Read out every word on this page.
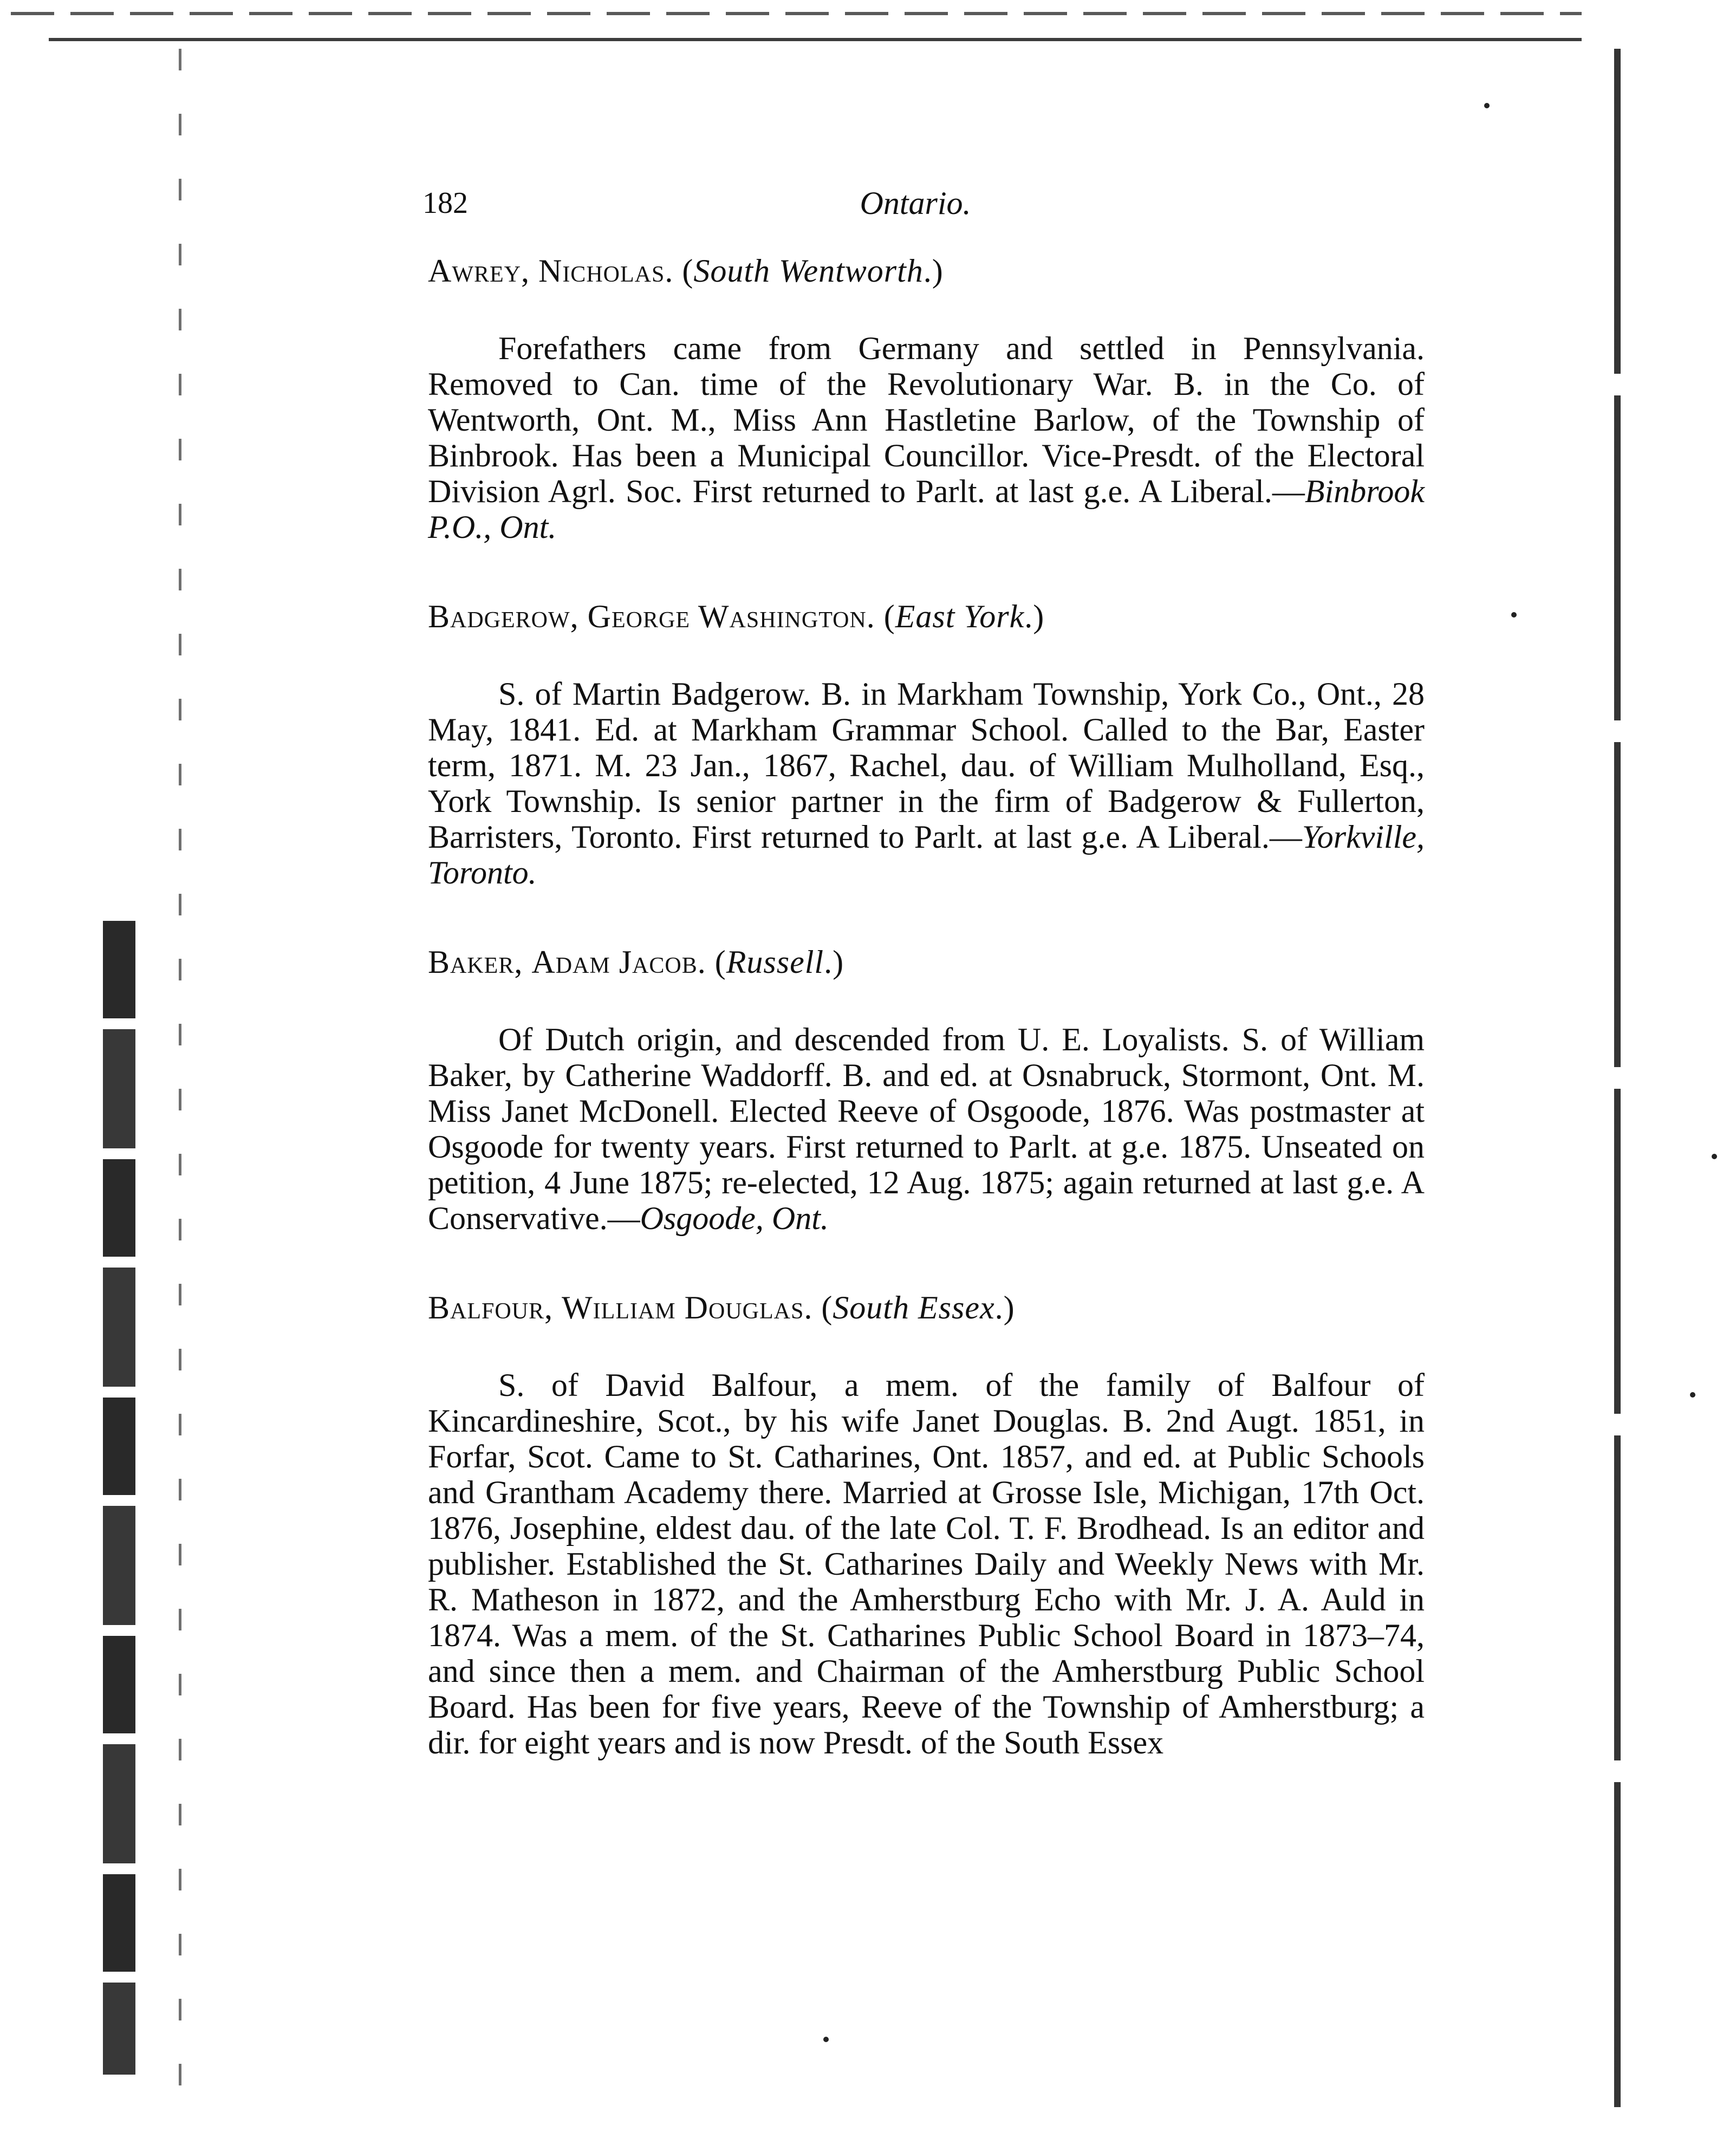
182	Ontario.
Awrey, Nicholas. (South Wentworth.)

Forefathers came from Germany and settled in Pennsylvania. Removed to Can. time of the Revolutionary War. B. in the Co. of Wentworth, Ont. M., Miss Ann Hastletine Barlow, of the Township of Binbrook. Has been a Municipal Councillor. Vice-Presdt. of the Electoral Division Agrl. Soc. First returned to Parlt. at last g.e. A Liberal.—Binbrook P.O., Ont.

Badgerow, George Washington. (East York.)

S. of Martin Badgerow. B. in Markham Township, York Co., Ont., 28 May, 1841. Ed. at Markham Grammar School. Called to the Bar, Easter term, 1871. M. 23 Jan., 1867, Rachel, dau. of William Mulholland, Esq., York Township. Is senior partner in the firm of Badgerow & Fullerton, Barristers, Toronto. First returned to Parlt. at last g.e. A Liberal.—Yorkville, Toronto.

Baker, Adam Jacob. (Russell.)

Of Dutch origin, and descended from U. E. Loyalists. S. of William Baker, by Catherine Waddorff. B. and ed. at Osnabruck, Stormont, Ont. M. Miss Janet McDonell. Elected Reeve of Osgoode, 1876. Was postmaster at Osgoode for twenty years. First returned to Parlt. at g.e. 1875. Unseated on petition, 4 June 1875; re-elected, 12 Aug. 1875; again returned at last g.e. A Conservative.—Osgoode, Ont.

Balfour, William Douglas. (South Essex.)

S. of David Balfour, a mem. of the family of Balfour of Kincardineshire, Scot., by his wife Janet Douglas. B. 2nd Augt. 1851, in Forfar, Scot. Came to St. Catharines, Ont. 1857, and ed. at Public Schools and Grantham Academy there. Married at Grosse Isle, Michigan, 17th Oct. 1876, Josephine, eldest dau. of the late Col. T. F. Brodhead. Is an editor and publisher. Established the St. Catharines Daily and Weekly News with Mr. R. Matheson in 1872, and the Amherstburg Echo with Mr. J. A. Auld in 1874. Was a mem. of the St. Catharines Public School Board in 1873–74, and since then a mem. and Chairman of the Amherstburg Public School Board. Has been for five years, Reeve of the Township of Amherstburg; a dir. for eight years and is now Presdt. of the South Essex
